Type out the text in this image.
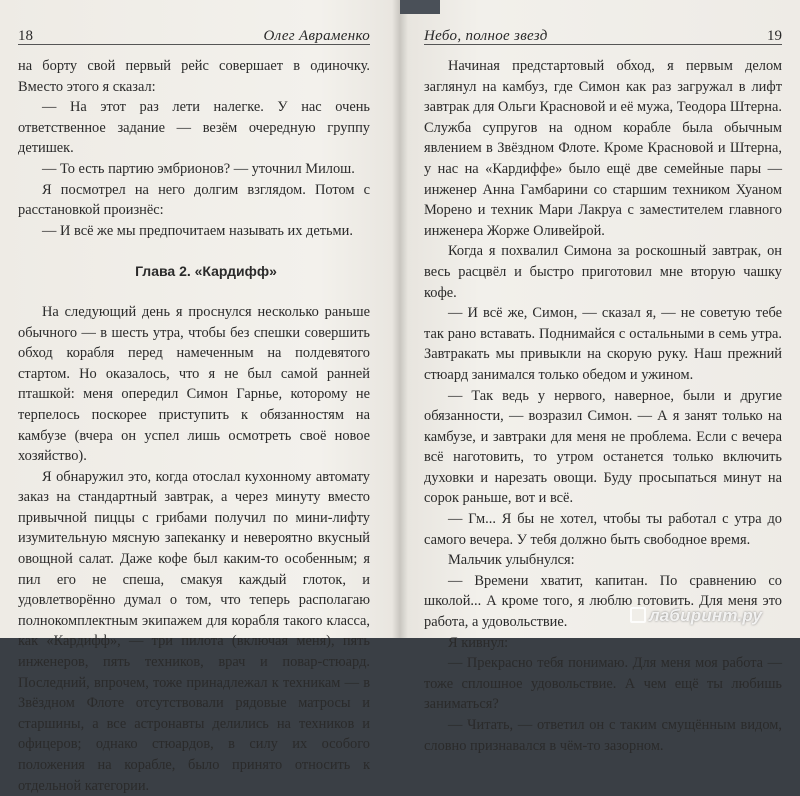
18	Олег Авраменко

на борту свой первый рейс совершает в одиночку. Вместо этого я сказал:

— На этот раз лети налегке. У нас очень ответственное задание — везём очередную группу детишек.

— То есть партию эмбрионов? — уточнил Милош.

Я посмотрел на него долгим взглядом. Потом с расстановкой произнёс:

— И всё же мы предпочитаем называть их детьми.

Глава 2. «Кардифф»

На следующий день я проснулся несколько раньше обычного — в шесть утра, чтобы без спешки совершить обход корабля перед намеченным на полдевятого стартом. Но оказалось, что я не был самой ранней пташкой: меня опередил Симон Гарнье, которому не терпелось поскорее приступить к обязанностям на камбузе (вчера он успел лишь осмотреть своё новое хозяйство).

Я обнаружил это, когда отослал кухонному автомату заказ на стандартный завтрак, а через минуту вместо привычной пиццы с грибами получил по мини-лифту изумительную мясную запеканку и невероятно вкусный овощной салат. Даже кофе был каким-то особенным; я пил его не спеша, смакуя каждый глоток, и удовлетворённо думал о том, что теперь располагаю полнокомплектным экипажем для корабля такого класса, как «Кардифф», — три пилота (включая меня), пять инженеров, пять техников, врач и повар-стюард. Последний, впрочем, тоже принадлежал к техникам — в Звёздном Флоте отсутствовали рядовые матросы и старшины, а все астронавты делились на техников и офицеров; однако стюардов, в силу их особого положения на корабле, было принято относить к отдельной категории.

Небо, полное звезд	19

Начиная предстартовый обход, я первым делом заглянул на камбуз, где Симон как раз загружал в лифт завтрак для Ольги Красновой и её мужа, Теодора Штерна. Служба супругов на одном корабле была обычным явлением в Звёздном Флоте. Кроме Красновой и Штерна, у нас на «Кардиффе» было ещё две семейные пары — инженер Анна Гамбарини со старшим техником Хуаном Морено и техник Мари Лакруа с заместителем главного инженера Жорже Оливейрой.

Когда я похвалил Симона за роскошный завтрак, он весь расцвёл и быстро приготовил мне вторую чашку кофе.

— И всё же, Симон, — сказал я, — не советую тебе так рано вставать. Поднимайся с остальными в семь утра. Завтракать мы привыкли на скорую руку. Наш прежний стюард занимался только обедом и ужином.

— Так ведь у нервого, наверное, были и другие обязанности, — возразил Симон. — А я занят только на камбузе, и завтраки для меня не проблема. Если с вечера всё наготовить, то утром останется только включить духовки и нарезать овощи. Буду просыпаться минут на сорок раньше, вот и всё.

— Гм... Я бы не хотел, чтобы ты работал с утра до самого вечера. У тебя должно быть свободное время.

Мальчик улыбнулся:

— Времени хватит, капитан. По сравнению со школой... А кроме того, я люблю готовить. Для меня это работа, а удовольствие.

Я кивнул:

— Прекрасно тебя понимаю. Для меня моя работа — тоже сплошное удовольствие. А чем ещё ты любишь заниматься?

— Читать, — ответил он с таким смущённым видом, словно признавался в чём-то зазорном.

лабиринт.ру
